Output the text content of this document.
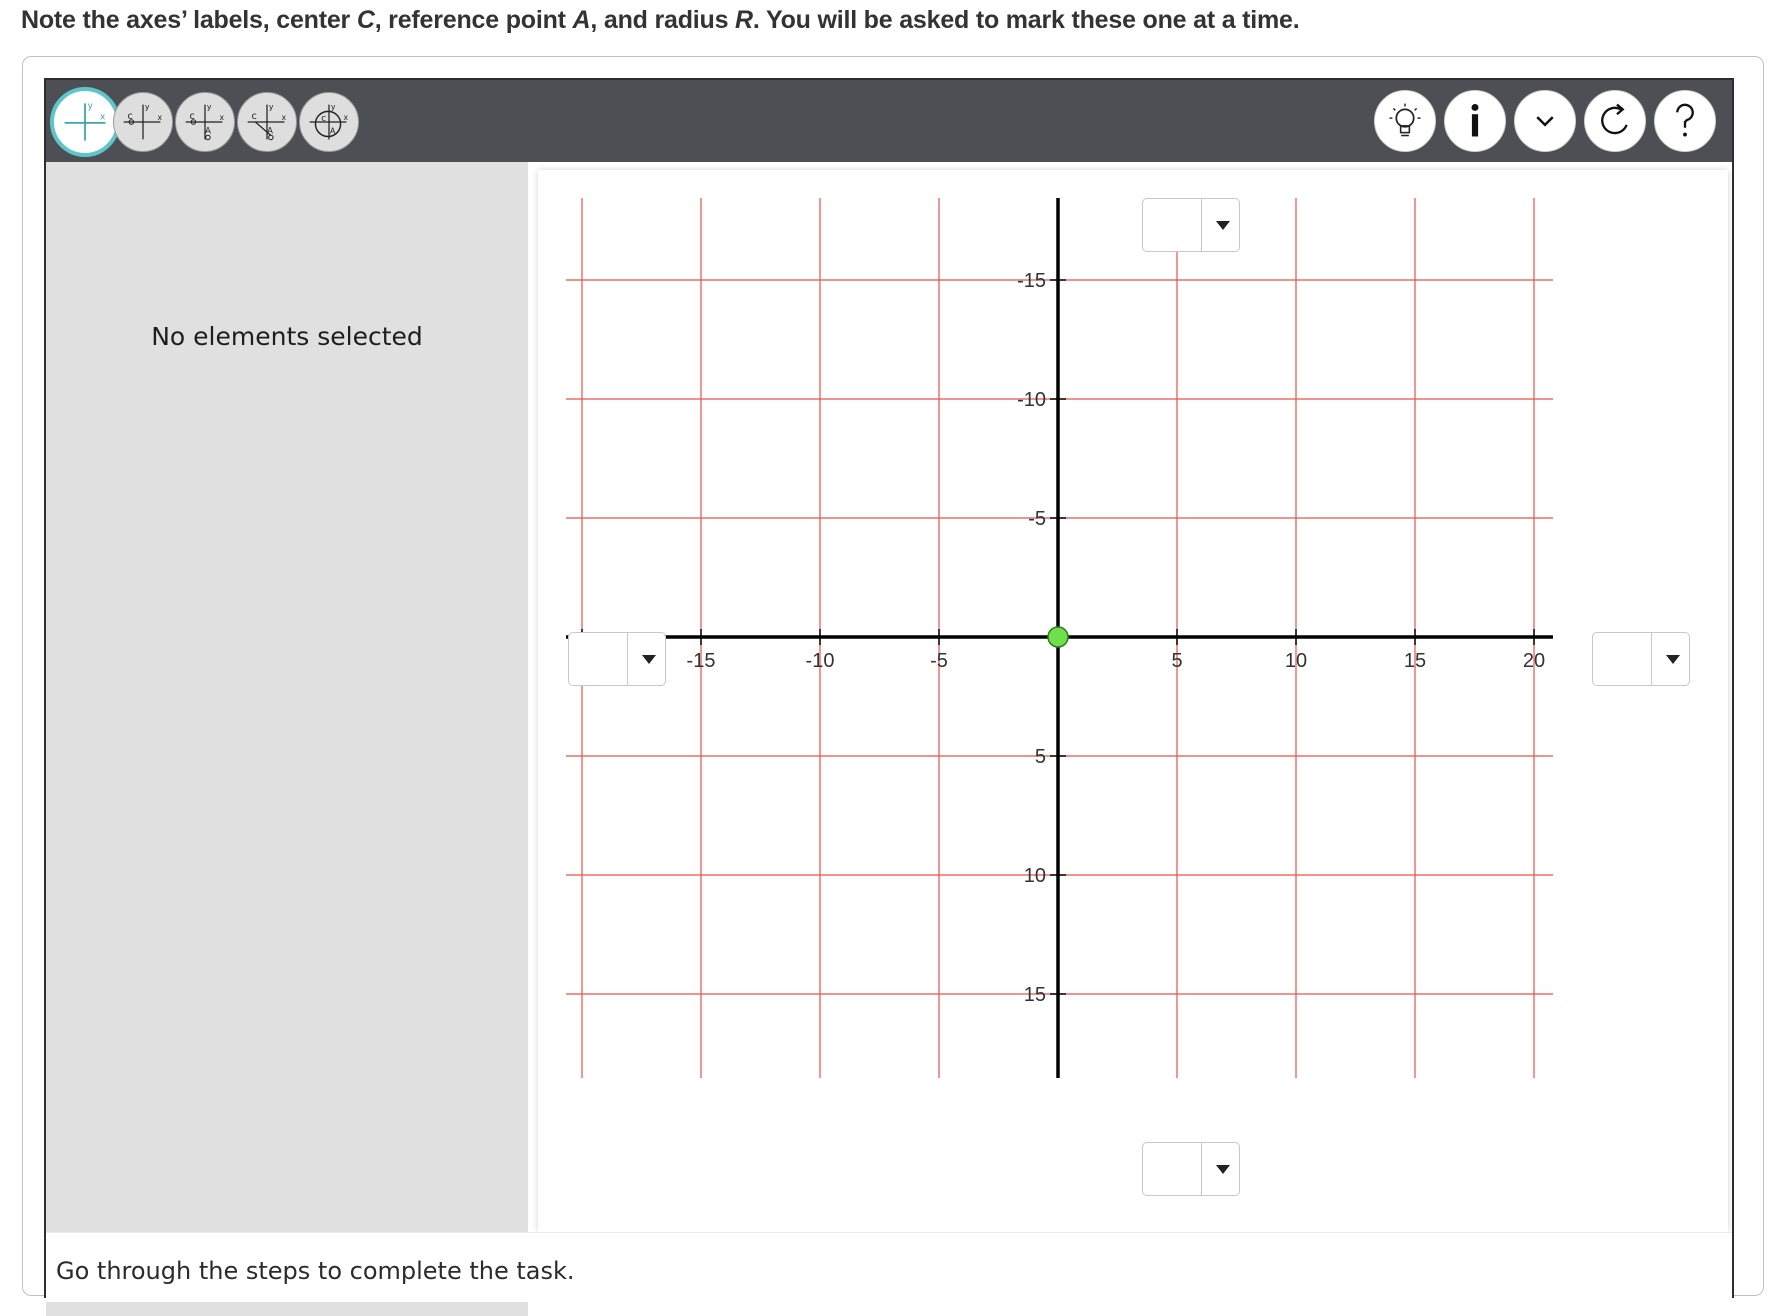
Note the axes’ labels, center C, reference point A, and radius R. You will be asked to mark these one at a time.
y
x
y
x
c
y
x
c
A
y
x
c
A
y
x
c
A
No elements selected
-15	-10	-5	5	10	15	20
-15
-10
-5
5
10
15
Go through the steps to complete the task.
